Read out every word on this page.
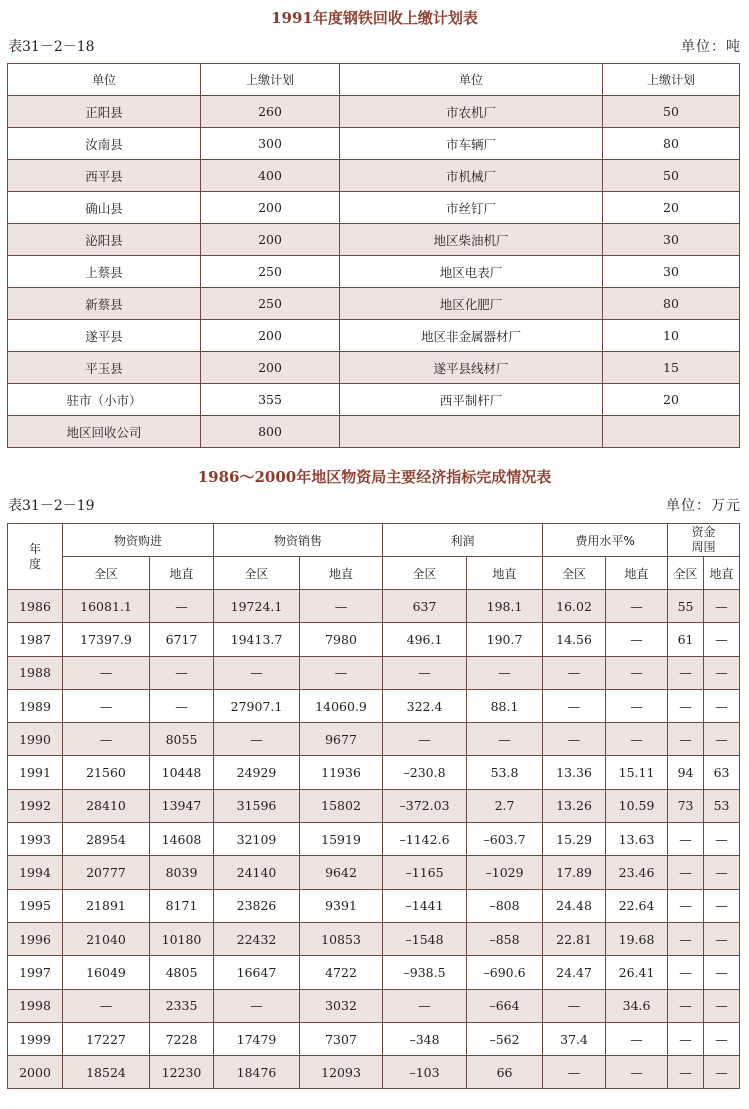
1991年度钢铁回收上缴计划表
表31－2－18	单位：吨
单位	上缴计划	单位	上缴计划
正阳县	260	市农机厂	50
汝南县	300	市车辆厂	80
西平县	400	市机械厂	50
确山县	200	市丝钉厂	20
泌阳县	200	地区柴油机厂	30
上蔡县	250	地区电表厂	30
新蔡县	250	地区化肥厂	80
遂平县	200	地区非金属器材厂	10
平玉县	200	遂平县线材厂	15
驻市（小市）	355	西平制杆厂	20
地区回收公司	800		
1986～2000年地区物资局主要经济指标完成情况表
表31－2－19	单位：万元
年度	物资购进		物资销售		利润		费用水平%		资金周围	
	全区	地直	全区	地直	全区	地直	全区	地直	全区	地直
1986	16081.1	—	19724.1	—	637	198.1	16.02	—	55	—
1987	17397.9	6717	19413.7	7980	496.1	190.7	14.56	—	61	—
1988	—	—	—	—	—	—	—	—	—	—
1989	—	—	27907.1	14060.9	322.4	88.1	—	—	—	—
1990	—	8055	—	9677	—	—	—	—	—	—
1991	21560	10448	24929	11936	–230.8	53.8	13.36	15.11	94	63
1992	28410	13947	31596	15802	–372.03	2.7	13.26	10.59	73	53
1993	28954	14608	32109	15919	–1142.6	–603.7	15.29	13.63	—	—
1994	20777	8039	24140	9642	–1165	–1029	17.89	23.46	—	—
1995	21891	8171	23826	9391	–1441	–808	24.48	22.64	—	—
1996	21040	10180	22432	10853	–1548	–858	22.81	19.68	—	—
1997	16049	4805	16647	4722	–938.5	–690.6	24.47	26.41	—	—
1998	—	2335	—	3032	—	–664	—	34.6	—	—
1999	17227	7228	17479	7307	–348	–562	37.4	—	—	—
2000	18524	12230	18476	12093	–103	66	—	—	—	—
